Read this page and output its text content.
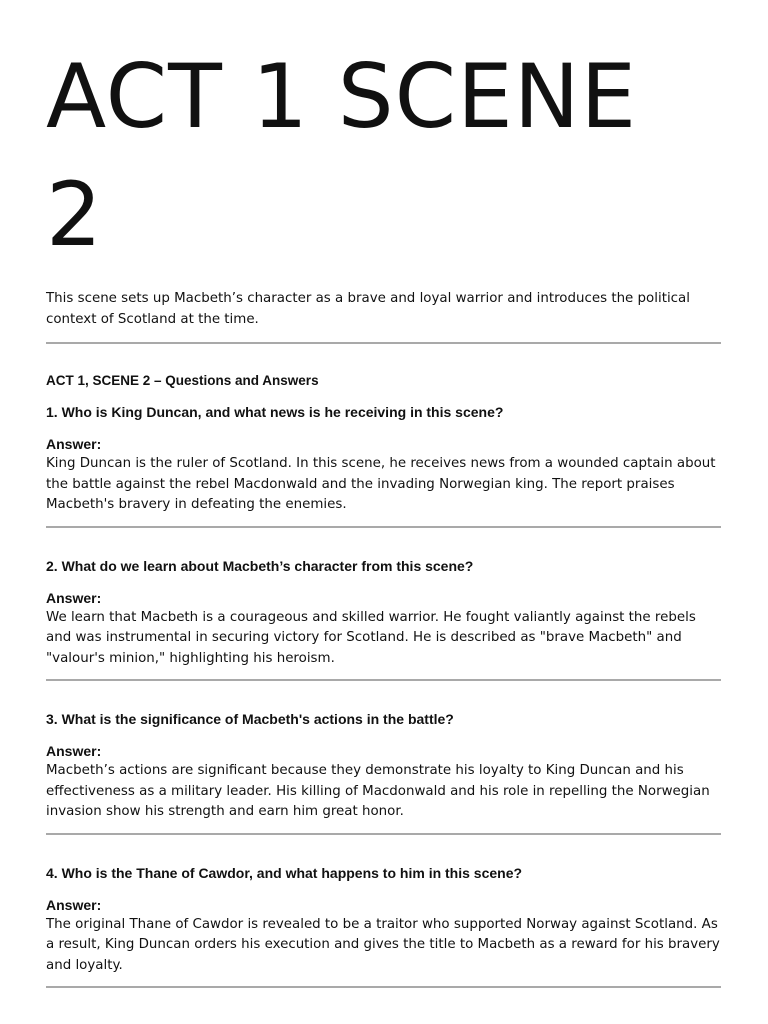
ACT 1 SCENE 2

This scene sets up Macbeth’s character as a brave and loyal warrior and introduces the political context of Scotland at the time.

ACT 1, SCENE 2 – Questions and Answers
1. Who is King Duncan, and what news is he receiving in this scene?
Answer:

King Duncan is the ruler of Scotland. In this scene, he receives news from a wounded captain about the battle against the rebel Macdonwald and the invading Norwegian king. The report praises Macbeth's bravery in defeating the enemies.

2. What do we learn about Macbeth’s character from this scene?
Answer:

We learn that Macbeth is a courageous and skilled warrior. He fought valiantly against the rebels and was instrumental in securing victory for Scotland. He is described as "brave Macbeth" and "valour's minion," highlighting his heroism.

3. What is the significance of Macbeth's actions in the battle?
Answer:

Macbeth’s actions are significant because they demonstrate his loyalty to King Duncan and his effectiveness as a military leader. His killing of Macdonwald and his role in repelling the Norwegian invasion show his strength and earn him great honor.

4. Who is the Thane of Cawdor, and what happens to him in this scene?
Answer:

The original Thane of Cawdor is revealed to be a traitor who supported Norway against Scotland. As a result, King Duncan orders his execution and gives the title to Macbeth as a reward for his bravery and loyalty.
